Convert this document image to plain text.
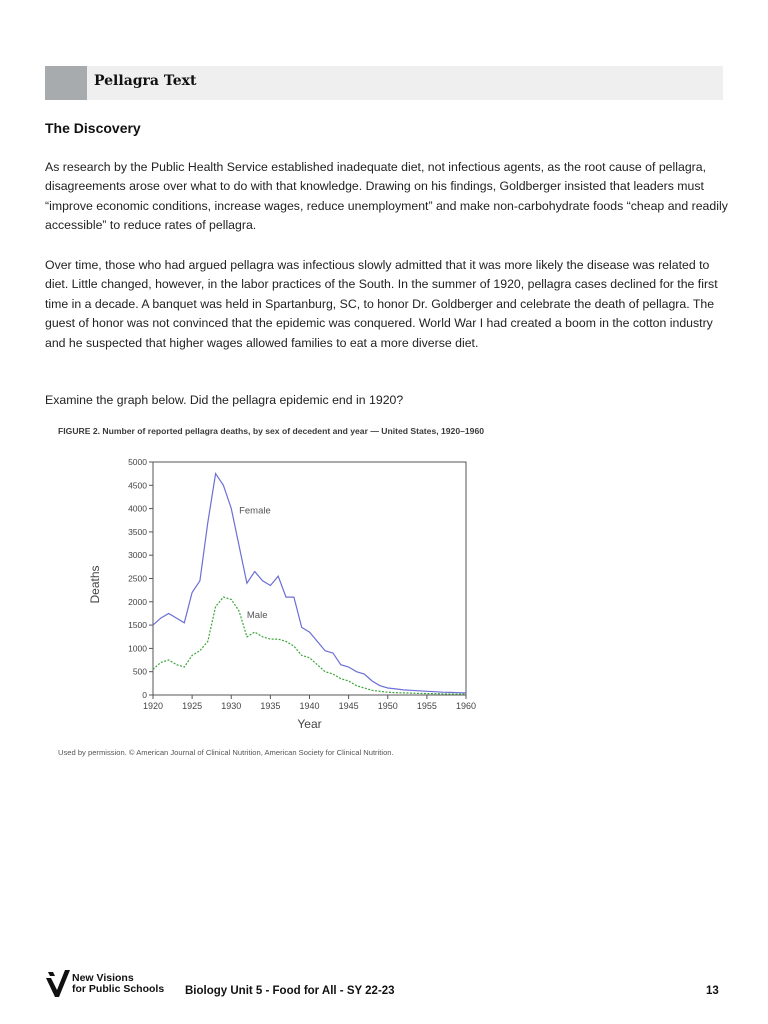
Pellagra Text
The Discovery

As research by the Public Health Service established inadequate diet, not infectious agents, as the root cause of pellagra, disagreements arose over what to do with that knowledge. Drawing on his findings, Goldberger insisted that leaders must “improve economic conditions, increase wages, reduce unemployment” and make non-carbohydrate foods “cheap and readily accessible” to reduce rates of pellagra.

Over time, those who had argued pellagra was infectious slowly admitted that it was more likely the disease was related to diet. Little changed, however, in the labor practices of the South. In the summer of 1920, pellagra cases declined for the first time in a decade. A banquet was held in Spartanburg, SC, to honor Dr. Goldberger and celebrate the death of pellagra. The guest of honor was not convinced that the epidemic was conquered. World War I had created a boom in the cotton industry and he suspected that higher wages allowed families to eat a more diverse diet.

Examine the graph below. Did the pellagra epidemic end in 1920?

FIGURE 2. Number of reported pellagra deaths, by sex of decedent and year — United States, 1920–1960
0
500
1000
1500
2000
2500
3000
3500
4000
4500
5000
1920 1925 1930 1935 1940 1945 1950 1955 1960
Year
Deaths
Female
Male
Used by permission. © American Journal of Clinical Nutrition, American Society for Clinical Nutrition.
New Visions
for Public Schools Biology Unit 5 - Food for All - SY 22-23	13
